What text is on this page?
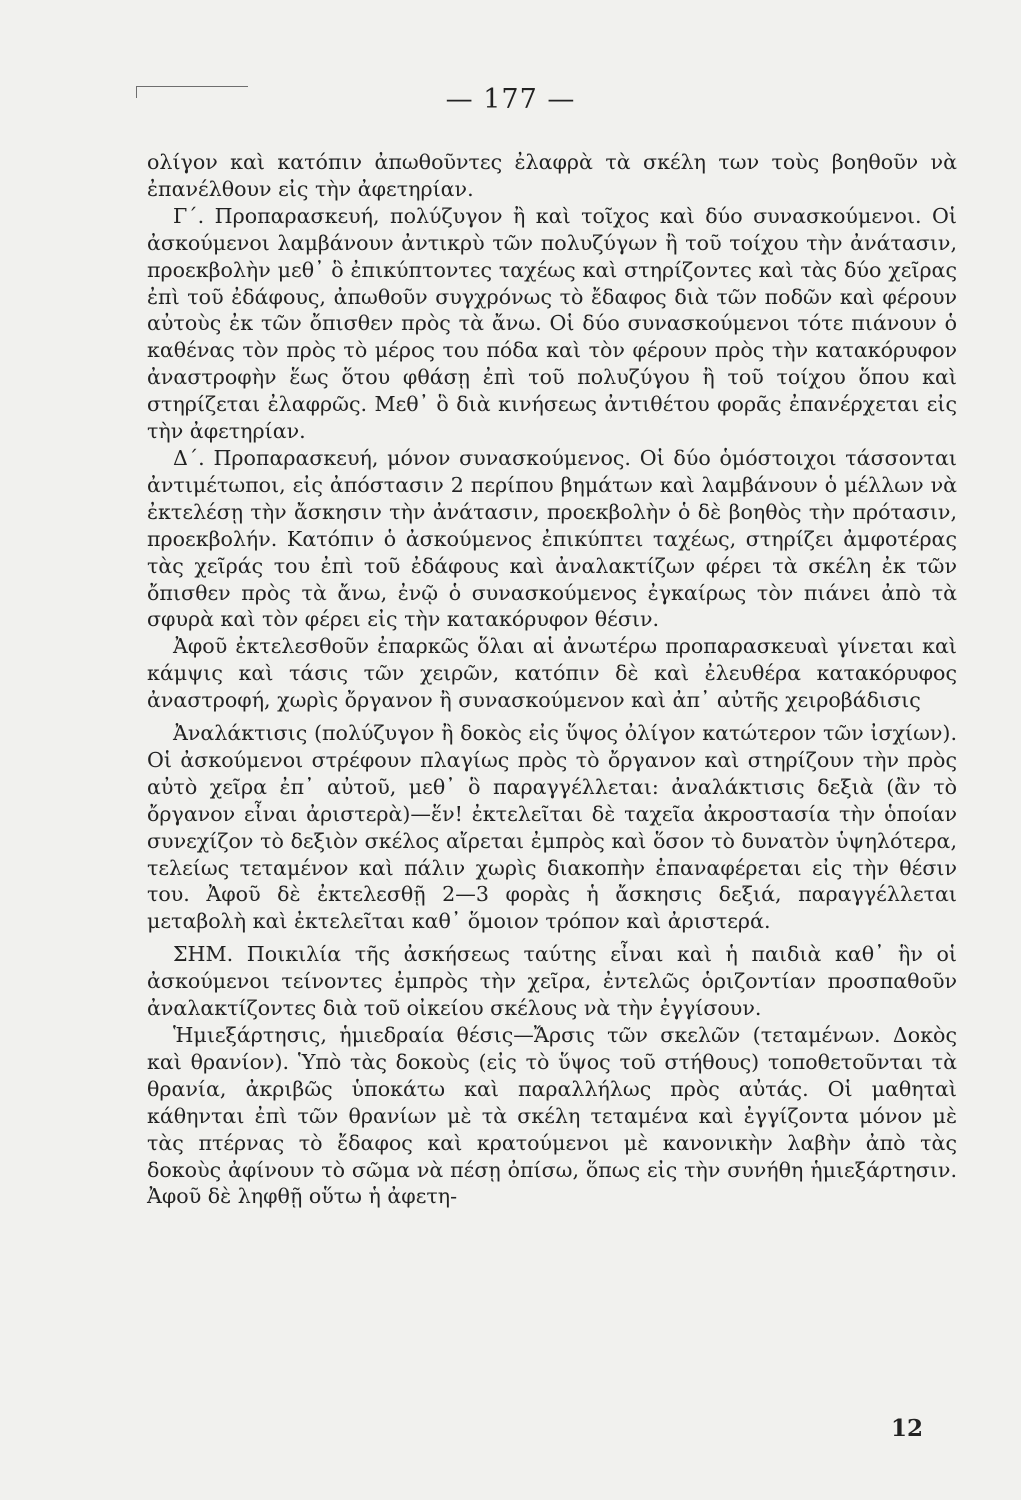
— 177 —

ολίγον καὶ κατόπιν ἀπωθοῦντες ἐλαφρὰ τὰ σκέλη των τοὺς βοηθοῦν νὰ ἐπανέλθουν εἰς τὴν ἀφετηρίαν.

Γ΄. Προπαρασκευή, πολύζυγον ἢ καὶ τοῖχος καὶ δύο συνασκούμενοι. Οἱ ἀσκούμενοι λαμβάνουν ἀντικρὺ τῶν πολυζύγων ἢ τοῦ τοίχου τὴν ἀνάτασιν, προεκβολὴν μεθ᾽ ὃ ἐπικύπτοντες ταχέως καὶ στηρίζοντες καὶ τὰς δύο χεῖρας ἐπὶ τοῦ ἐδάφους, ἀπωθοῦν συγχρόνως τὸ ἔδαφος διὰ τῶν ποδῶν καὶ φέρουν αὐτοὺς ἐκ τῶν ὄπισθεν πρὸς τὰ ἄνω. Οἱ δύο συνασκούμενοι τότε πιάνουν ὁ καθένας τὸν πρὸς τὸ μέρος του πόδα καὶ τὸν φέρουν πρὸς τὴν κατακόρυφον ἀναστροφὴν ἕως ὅτου φθάσῃ ἐπὶ τοῦ πολυζύγου ἢ τοῦ τοίχου ὅπου καὶ στηρίζεται ἐλαφρῶς. Μεθ᾽ ὃ διὰ κινήσεως ἀντιθέτου φορᾶς ἐπανέρχεται εἰς τὴν ἀφετηρίαν.

Δ΄. Προπαρασκευή, μόνον συνασκούμενος. Οἱ δύο ὁμόστοιχοι τάσσονται ἀντιμέτωποι, εἰς ἀπόστασιν 2 περίπου βημάτων καὶ λαμβάνουν ὁ μέλλων νὰ ἐκτελέσῃ τὴν ἄσκησιν τὴν ἀνάτασιν, προεκβολὴν ὁ δὲ βοηθὸς τὴν πρότασιν, προεκβολήν. Κατόπιν ὁ ἀσκούμενος ἐπικύπτει ταχέως, στηρίζει ἀμφοτέρας τὰς χεῖράς του ἐπὶ τοῦ ἐδάφους καὶ ἀναλακτίζων φέρει τὰ σκέλη ἐκ τῶν ὄπισθεν πρὸς τὰ ἄνω, ἐνῷ ὁ συνασκούμενος ἐγκαίρως τὸν πιάνει ἀπὸ τὰ σφυρὰ καὶ τὸν φέρει εἰς τὴν κατακόρυφον θέσιν.

Ἀφοῦ ἐκτελεσθοῦν ἐπαρκῶς ὅλαι αἱ ἀνωτέρω προπαρασκευαὶ γίνεται καὶ κάμψις καὶ τάσις τῶν χειρῶν, κατόπιν δὲ καὶ ἐλευθέρα κατακόρυφος ἀναστροφή, χωρὶς ὄργανον ἢ συνασκούμενον καὶ ἀπ᾽ αὐτῆς χειροβάδισις

Ἀναλάκτισις (πολύζυγον ἢ δοκὸς εἰς ὕψος ὀλίγον κατώτερον τῶν ἰσχίων). Οἱ ἀσκούμενοι στρέφουν πλαγίως πρὸς τὸ ὄργανον καὶ στηρίζουν τὴν πρὸς αὐτὸ χεῖρα ἐπ᾽ αὐτοῦ, μεθ᾽ ὃ παραγγέλλεται: ἀναλάκτισις δεξιὰ (ἂν τὸ ὄργανον εἶναι ἀριστερὰ)—ἕν! ἐκτελεῖται δὲ ταχεῖα ἀκροστασία τὴν ὁποίαν συνεχίζον τὸ δεξιὸν σκέλος αἴρεται ἐμπρὸς καὶ ὅσον τὸ δυνατὸν ὑψηλότερα, τελείως τεταμένον καὶ πάλιν χωρὶς διακοπὴν ἐπαναφέρεται εἰς τὴν θέσιν του. Ἀφοῦ δὲ ἐκτελεσθῇ 2—3 φορὰς ἡ ἄσκησις δεξιά, παραγγέλλεται μεταβολὴ καὶ ἐκτελεῖται καθ᾽ ὅμοιον τρόπον καὶ ἀριστερά.

ΣΗΜ. Ποικιλία τῆς ἀσκήσεως ταύτης εἶναι καὶ ἡ παιδιὰ καθ᾽ ἣν οἱ ἀσκούμενοι τείνοντες ἐμπρὸς τὴν χεῖρα, ἐντελῶς ὁριζοντίαν προσπαθοῦν ἀναλακτίζοντες διὰ τοῦ οἰκείου σκέλους νὰ τὴν ἐγγίσουν.

Ἡμιεξάρτησις, ἡμιεδραία θέσις—Ἄρσις τῶν σκελῶν (τεταμένων. Δοκὸς καὶ θρανίον). Ὑπὸ τὰς δοκοὺς (εἰς τὸ ὕψος τοῦ στήθους) τοποθετοῦνται τὰ θρανία, ἀκριβῶς ὑποκάτω καὶ παραλλήλως πρὸς αὐτάς. Οἱ μαθηταὶ κάθηνται ἐπὶ τῶν θρανίων μὲ τὰ σκέλη τεταμένα καὶ ἐγγίζοντα μόνον μὲ τὰς πτέρνας τὸ ἔδαφος καὶ κρατούμενοι μὲ κανονικὴν λαβὴν ἀπὸ τὰς δοκοὺς ἀφίνουν τὸ σῶμα νὰ πέσῃ ὀπίσω, ὅπως εἰς τὴν συνήθη ἡμιεξάρτησιν. Ἀφοῦ δὲ ληφθῇ οὕτω ἡ ἀφετη-

12
